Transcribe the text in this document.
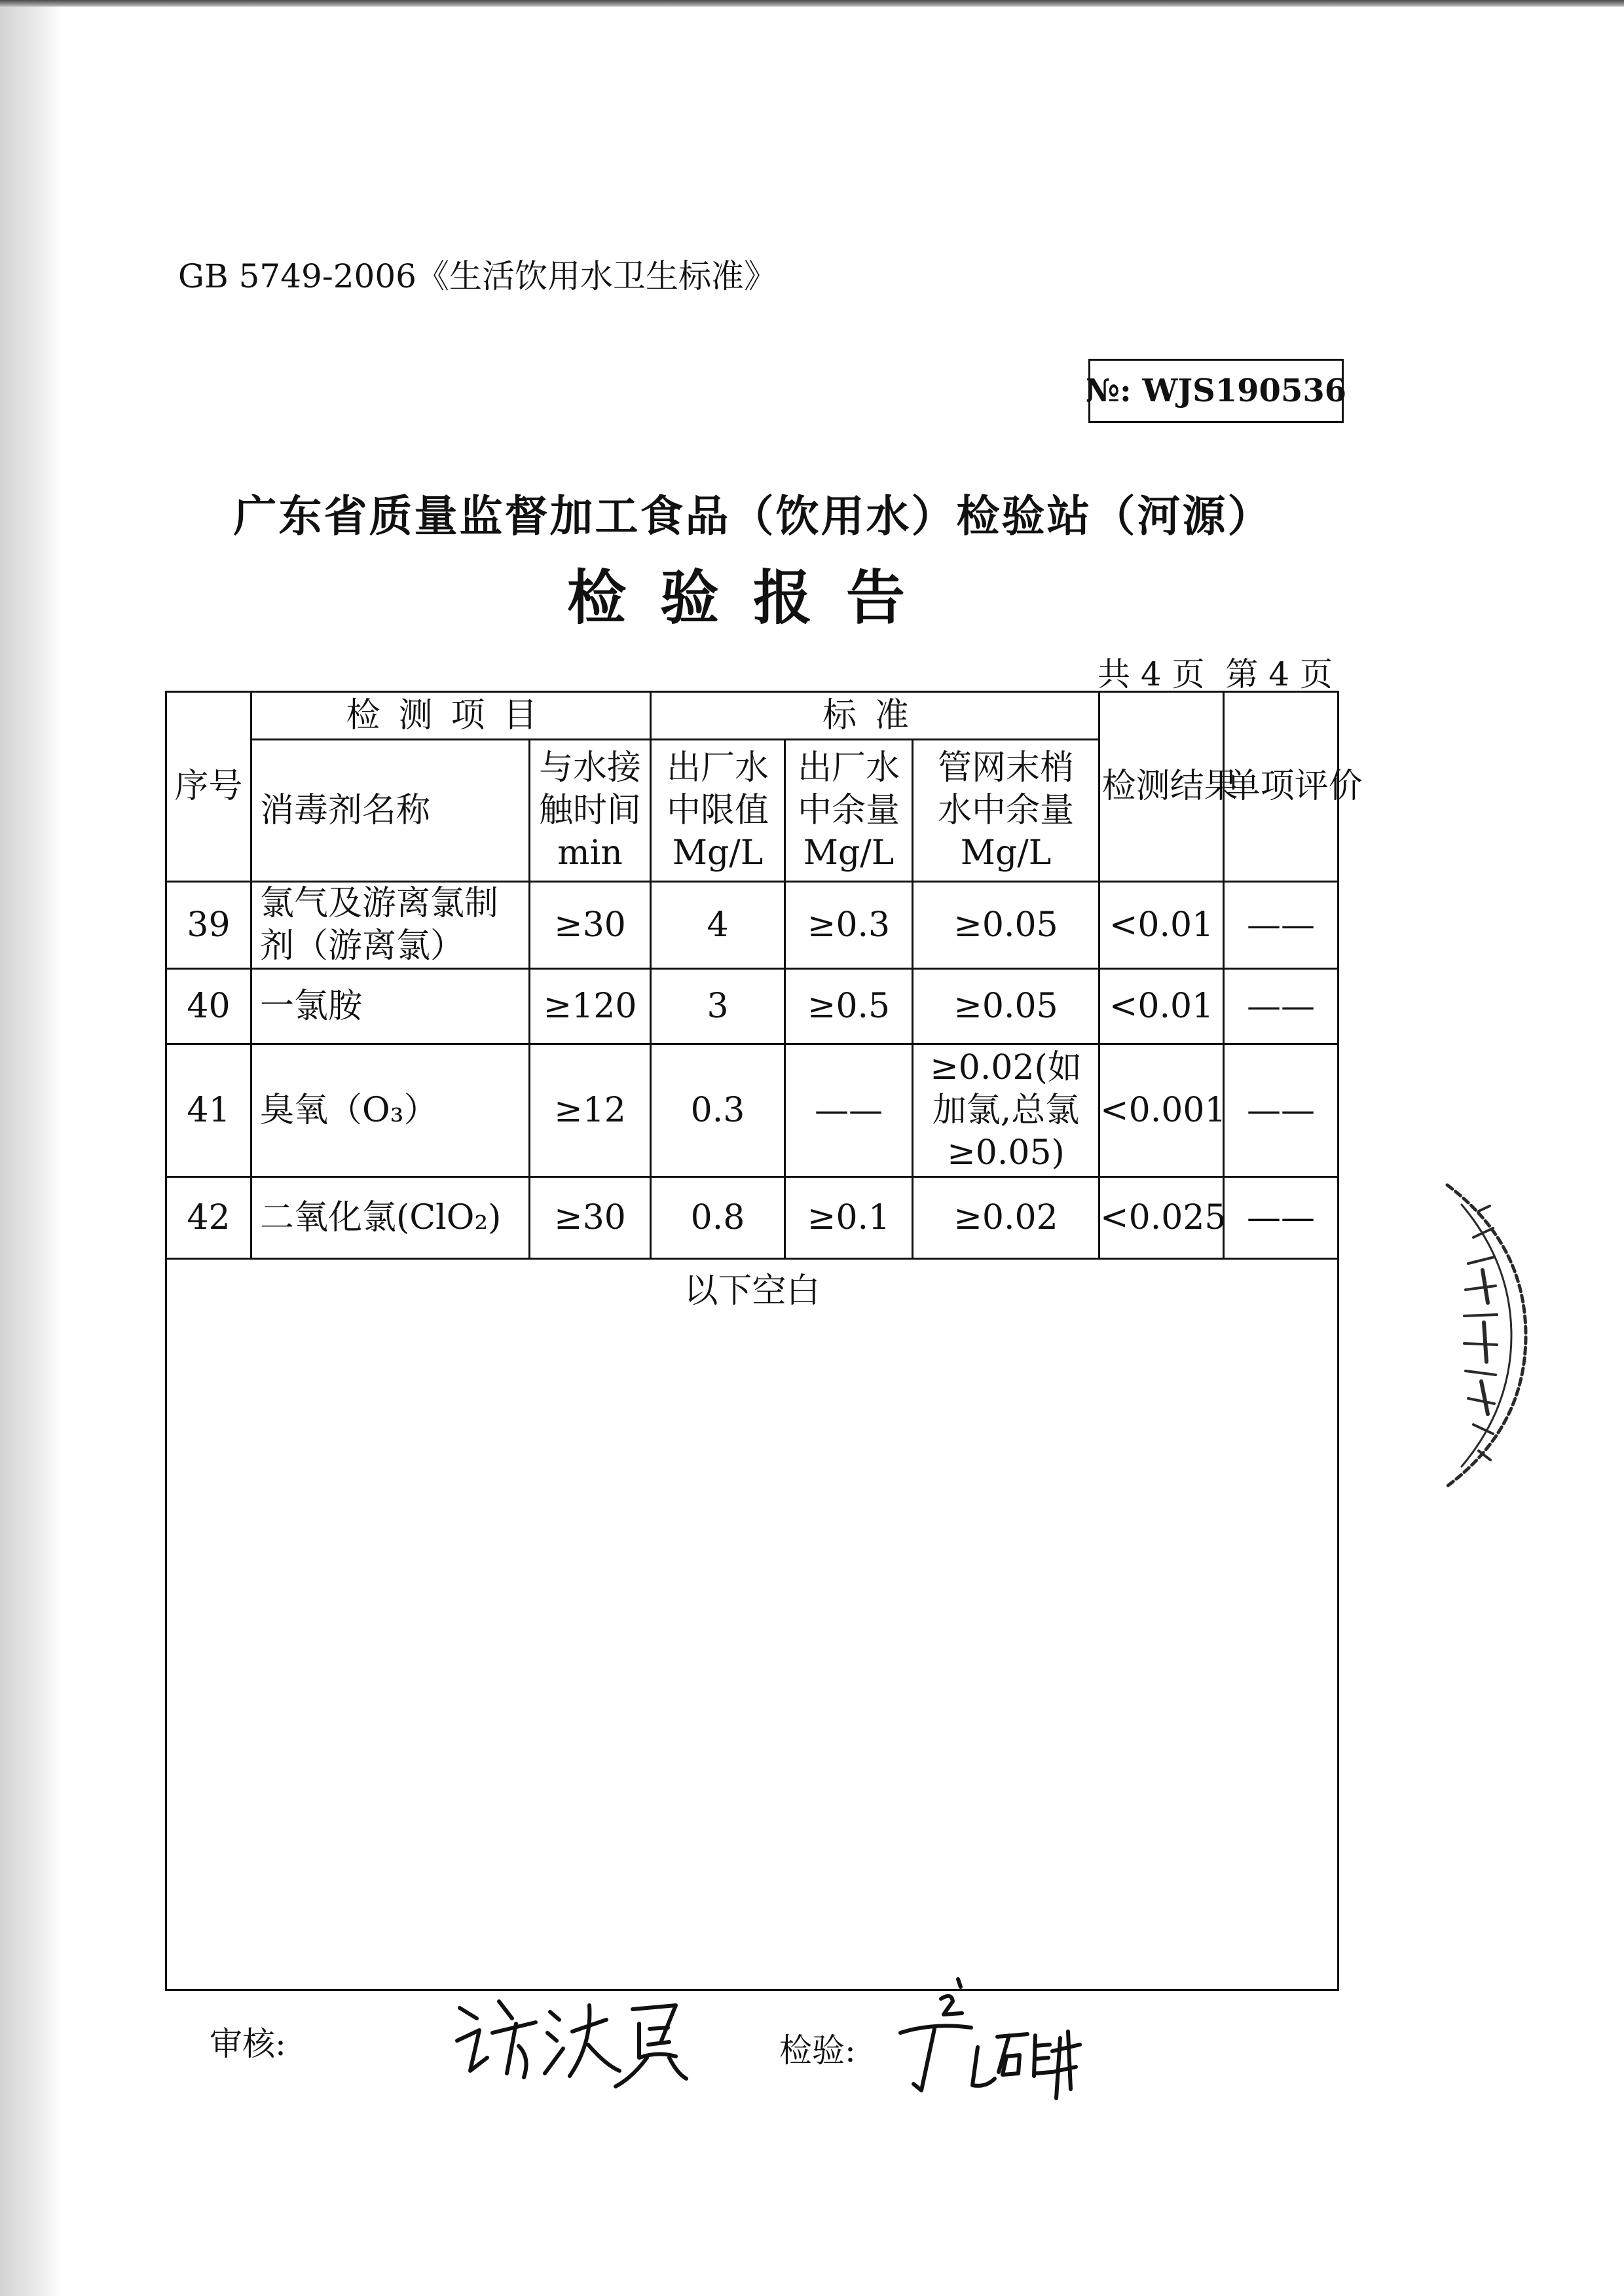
GB 5749-2006《生活饮用水卫生标准》
№: WJS190536
广东省质量监督加工食品（饮用水）检验站（河源）
检验报告
共 4 页  第 4 页
序号	检测项目		标准			检测结果	单项评价

	消毒剂名称	与水接触时间min	出厂水中限值Mg/L	出厂水中余量Mg/L	管网末梢水中余量Mg/L		

39	氯气及游离氯制剂（游离氯）	≥30	4	≥0.3	≥0.05	<0.01	——
40	一氯胺	≥120	3	≥0.5	≥0.05	<0.01	——
41	臭氧（O₃）	≥12	0.3	——	≥0.02(如加氯,总氯≥0.05)	<0.001	——
42	二氧化氯(ClO₂)	≥30	0.8	≥0.1	≥0.02	<0.025	——

以下空白							
审核:	检验:
